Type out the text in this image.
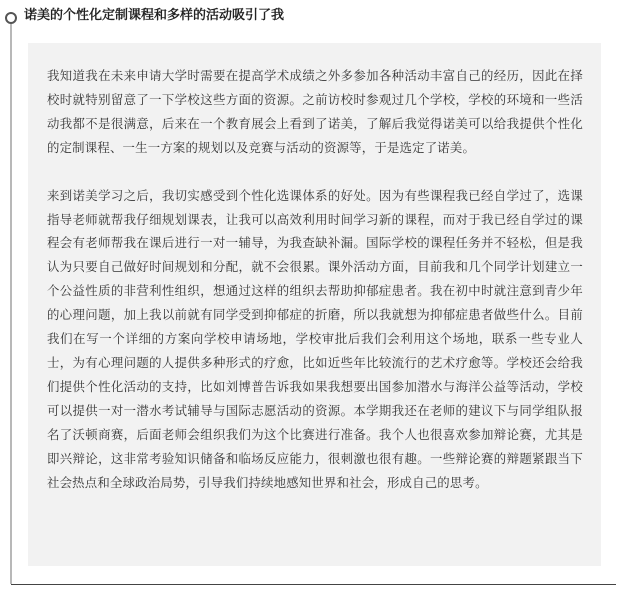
诺美的个性化定制课程和多样的活动吸引了我

我知道我在未来申请大学时需要在提高学术成绩之外多参加各种活动丰富自己的经历，因此在择校时就特别留意了一下学校这些方面的资源。之前访校时参观过几个学校，学校的环境和一些活动我都不是很满意，后来在一个教育展会上看到了诺美，了解后我觉得诺美可以给我提供个性化的定制课程、一生一方案的规划以及竞赛与活动的资源等，于是选定了诺美。

来到诺美学习之后，我切实感受到个性化选课体系的好处。因为有些课程我已经自学过了，选课指导老师就帮我仔细规划课表，让我可以高效利用时间学习新的课程，而对于我已经自学过的课程会有老师帮我在课后进行一对一辅导，为我查缺补漏。国际学校的课程任务并不轻松，但是我认为只要自己做好时间规划和分配，就不会很累。课外活动方面，目前我和几个同学计划建立一个公益性质的非营利性组织，想通过这样的组织去帮助抑郁症患者。我在初中时就注意到青少年的心理问题，加上我以前就有同学受到抑郁症的折磨，所以我就想为抑郁症患者做些什么。目前我们在写一个详细的方案向学校申请场地，学校审批后我们会利用这个场地，联系一些专业人士，为有心理问题的人提供多种形式的疗愈，比如近些年比较流行的艺术疗愈等。学校还会给我们提供个性化活动的支持，比如刘博普告诉我如果我想要出国参加潜水与海洋公益等活动，学校可以提供一对一潜水考试辅导与国际志愿活动的资源。本学期我还在老师的建议下与同学组队报名了沃顿商赛，后面老师会组织我们为这个比赛进行准备。我个人也很喜欢参加辩论赛，尤其是即兴辩论，这非常考验知识储备和临场反应能力，很刺激也很有趣。一些辩论赛的辩题紧跟当下社会热点和全球政治局势，引导我们持续地感知世界和社会，形成自己的思考。
